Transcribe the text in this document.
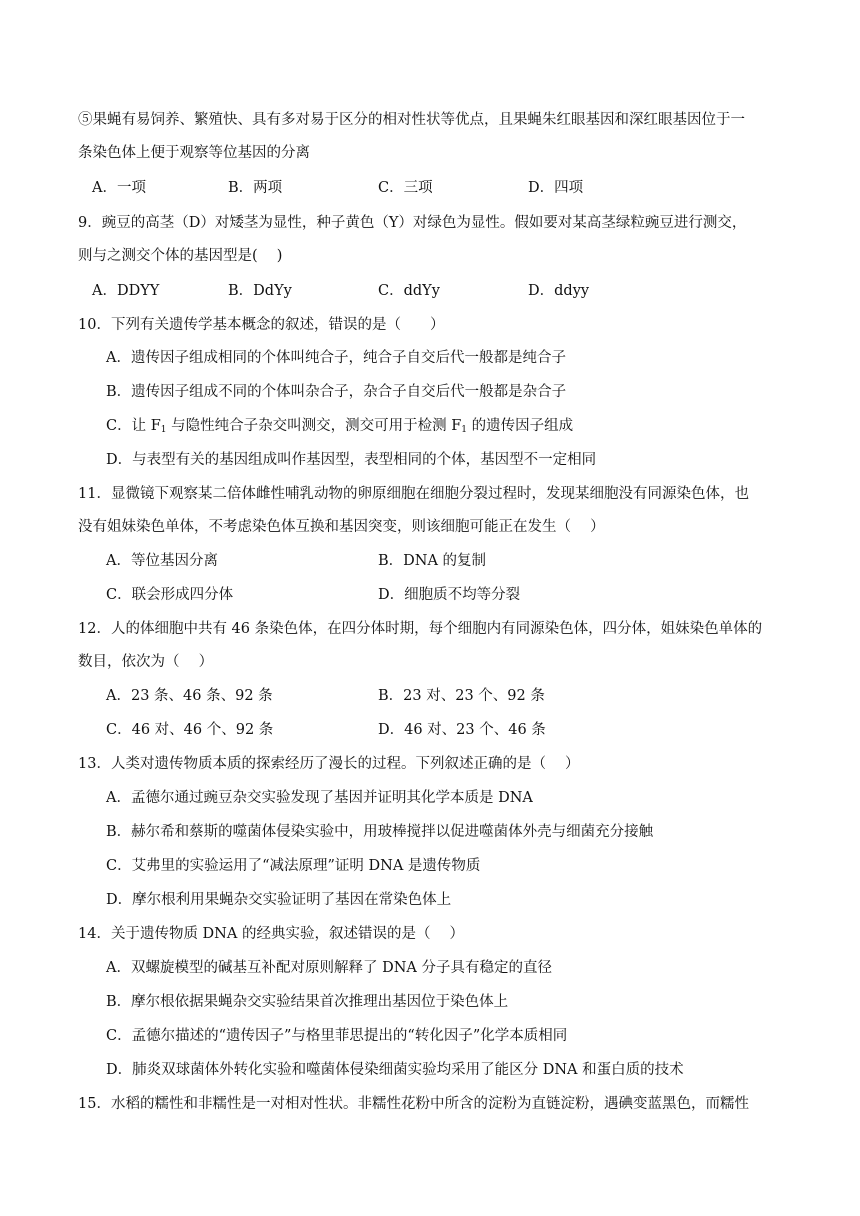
⑤果蝇有易饲养、繁殖快、具有多对易于区分的相对性状等优点，且果蝇朱红眼基因和深红眼基因位于一
条染色体上便于观察等位基因的分离
A．一项	B．两项	C．三项	D．四项
9．豌豆的高茎（D）对矮茎为显性，种子黄色（Y）对绿色为显性。假如要对某高茎绿粒豌豆进行测交，
则与之测交个体的基因型是(　 )
A．DDYY	B．DdYy	C．ddYy	D．ddyy
10．下列有关遗传学基本概念的叙述，错误的是（　　）
A．遗传因子组成相同的个体叫纯合子，纯合子自交后代一般都是纯合子
B．遗传因子组成不同的个体叫杂合子，杂合子自交后代一般都是杂合子
C．让 $F_1$ 与隐性纯合子杂交叫测交，测交可用于检测 $F_1$ 的遗传因子组成
D．与表型有关的基因组成叫作基因型，表型相同的个体，基因型不一定相同
11．显微镜下观察某二倍体雌性哺乳动物的卵原细胞在细胞分裂过程时，发现某细胞没有同源染色体，也
没有姐妹染色单体，不考虑染色体互换和基因突变，则该细胞可能正在发生（　 ）
A．等位基因分离	B．DNA 的复制
C．联会形成四分体	D．细胞质不均等分裂
12．人的体细胞中共有 46 条染色体，在四分体时期，每个细胞内有同源染色体，四分体，姐妹染色单体的
数目，依次为（　 ）
A．23 条、46 条、92 条	B．23 对、23 个、92 条
C．46 对、46 个、92 条	D．46 对、23 个、46 条
13．人类对遗传物质本质的探索经历了漫长的过程。下列叙述正确的是（　 ）
A．孟德尔通过豌豆杂交实验发现了基因并证明其化学本质是 DNA
B．赫尔希和蔡斯的噬菌体侵染实验中，用玻棒搅拌以促进噬菌体外壳与细菌充分接触
C．艾弗里的实验运用了“减法原理”证明 DNA 是遗传物质
D．摩尔根利用果蝇杂交实验证明了基因在常染色体上
14．关于遗传物质 DNA 的经典实验，叙述错误的是（　 ）
A．双螺旋模型的碱基互补配对原则解释了 DNA 分子具有稳定的直径
B．摩尔根依据果蝇杂交实验结果首次推理出基因位于染色体上
C．孟德尔描述的“遗传因子”与格里菲思提出的“转化因子”化学本质相同
D．肺炎双球菌体外转化实验和噬菌体侵染细菌实验均采用了能区分 DNA 和蛋白质的技术
15．水稻的糯性和非糯性是一对相对性状。非糯性花粉中所含的淀粉为直链淀粉，遇碘变蓝黑色，而糯性
